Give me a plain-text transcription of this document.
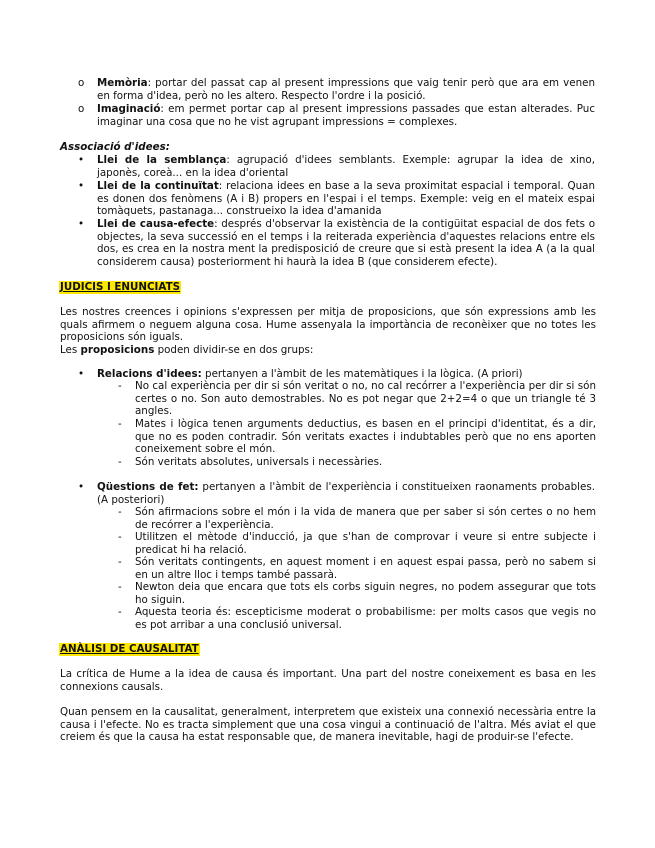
o Memòria: portar del passat cap al present impressions que vaig tenir però que ara em venen en forma d'idea, però no les altero. Respecto l'ordre i la posició.

o Imaginació: em permet portar cap al present impressions passades que estan alterades. Puc imaginar una cosa que no he vist agrupant impressions = complexes.

Associació d'idees:

• Llei de la semblança: agrupació d'idees semblants. Exemple: agrupar la idea de xino, japonès, coreà... en la idea d'oriental

• Llei de la continuïtat: relaciona idees en base a la seva proximitat espacial i temporal. Quan es donen dos fenòmens (A i B) propers en l'espai i el temps. Exemple: veig en el mateix espai tomàquets, pastanaga... construeixo la idea d'amanida

• Llei de causa-efecte: després d'observar la existència de la contigüitat espacial de dos fets o objectes, la seva successió en el temps i la reiterada experiència d'aquestes relacions entre els dos, es crea en la nostra ment la predisposició de creure que si està present la idea A (a la qual considerem causa) posteriorment hi haurà la idea B (que considerem efecte).

JUDICIS I ENUNCIATS

Les nostres creences i opinions s'expressen per mitja de proposicions, que són expressions amb les quals afirmem o neguem alguna cosa. Hume assenyala la importància de reconèixer que no totes les proposicions són iguals.

Les proposicions poden dividir-se en dos grups:

• Relacions d'idees: pertanyen a l'àmbit de les matemàtiques i la lògica. (A priori)

- No cal experiència per dir si són veritat o no, no cal recórrer a l'experiència per dir si són certes o no. Son auto demostrables. No es pot negar que 2+2=4 o que un triangle té 3 angles.

- Mates i lògica tenen arguments deductius, es basen en el principi d'identitat, és a dir, que no es poden contradir. Són veritats exactes i indubtables però que no ens aporten coneixement sobre el món.

- Són veritats absolutes, universals i necessàries.

• Qüestions de fet: pertanyen a l'àmbit de l'experiència i constitueixen raonaments probables. (A posteriori)

- Són afirmacions sobre el món i la vida de manera que per saber si són certes o no hem de recórrer a l'experiència.

- Utilitzen el mètode d'inducció, ja que s'han de comprovar i veure si entre subjecte i predicat hi ha relació.

- Són veritats contingents, en aquest moment i en aquest espai passa, però no sabem si en un altre lloc i temps també passarà.

- Newton deia que encara que tots els corbs siguin negres, no podem assegurar que tots ho siguin.

- Aquesta teoria és: escepticisme moderat o probabilisme: per molts casos que vegis no es pot arribar a una conclusió universal.

ANÀLISI DE CAUSALITAT

La crítica de Hume a la idea de causa és important. Una part del nostre coneixement es basa en les connexions causals.

Quan pensem en la causalitat, generalment, interpretem que existeix una connexió necessària entre la causa i l'efecte. No es tracta simplement que una cosa vingui a continuació de l'altra. Més aviat el que creiem és que la causa ha estat responsable que, de manera inevitable, hagi de produir-se l'efecte.
